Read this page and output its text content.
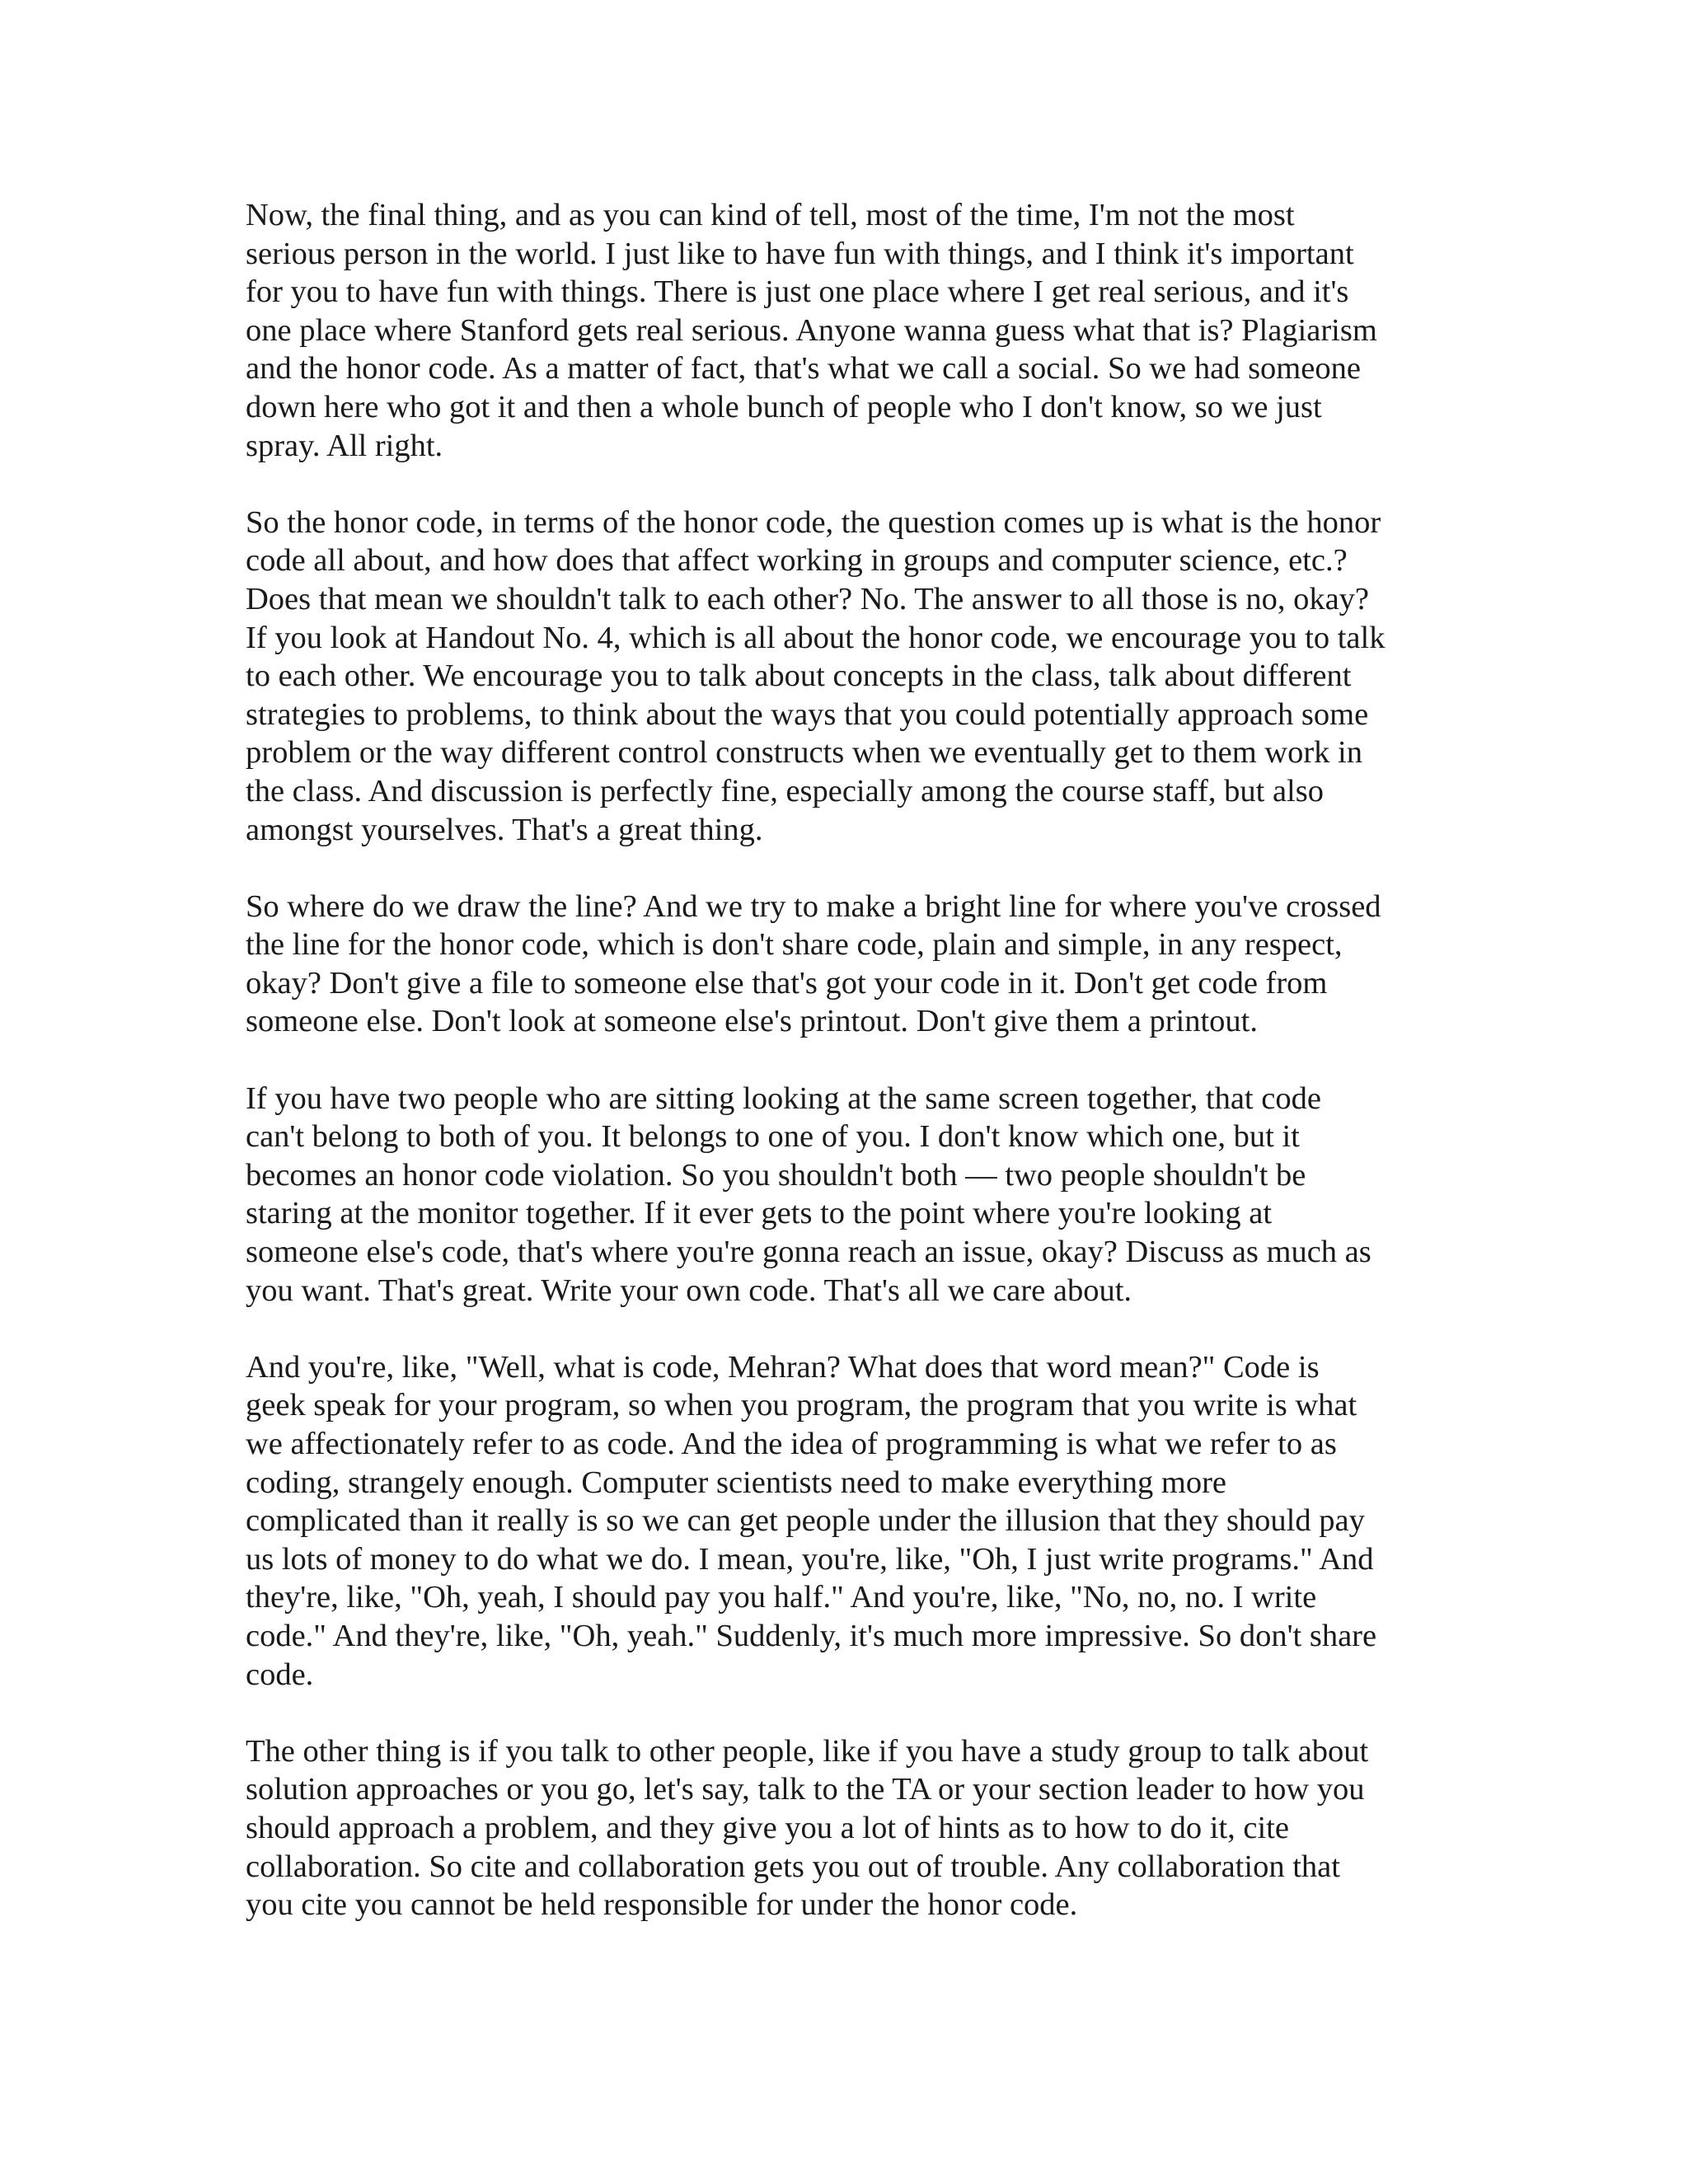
Now, the final thing, and as you can kind of tell, most of the time, I'm not the most
serious person in the world. I just like to have fun with things, and I think it's important
for you to have fun with things. There is just one place where I get real serious, and it's
one place where Stanford gets real serious. Anyone wanna guess what that is? Plagiarism
and the honor code. As a matter of fact, that's what we call a social. So we had someone
down here who got it and then a whole bunch of people who I don't know, so we just
spray. All right.

So the honor code, in terms of the honor code, the question comes up is what is the honor
code all about, and how does that affect working in groups and computer science, etc.?
Does that mean we shouldn't talk to each other? No. The answer to all those is no, okay?
If you look at Handout No. 4, which is all about the honor code, we encourage you to talk
to each other. We encourage you to talk about concepts in the class, talk about different
strategies to problems, to think about the ways that you could potentially approach some
problem or the way different control constructs when we eventually get to them work in
the class. And discussion is perfectly fine, especially among the course staff, but also
amongst yourselves. That's a great thing.

So where do we draw the line? And we try to make a bright line for where you've crossed
the line for the honor code, which is don't share code, plain and simple, in any respect,
okay? Don't give a file to someone else that's got your code in it. Don't get code from
someone else. Don't look at someone else's printout. Don't give them a printout.

If you have two people who are sitting looking at the same screen together, that code
can't belong to both of you. It belongs to one of you. I don't know which one, but it
becomes an honor code violation. So you shouldn't both — two people shouldn't be
staring at the monitor together. If it ever gets to the point where you're looking at
someone else's code, that's where you're gonna reach an issue, okay? Discuss as much as
you want. That's great. Write your own code. That's all we care about.

And you're, like, "Well, what is code, Mehran? What does that word mean?" Code is
geek speak for your program, so when you program, the program that you write is what
we affectionately refer to as code. And the idea of programming is what we refer to as
coding, strangely enough. Computer scientists need to make everything more
complicated than it really is so we can get people under the illusion that they should pay
us lots of money to do what we do. I mean, you're, like, "Oh, I just write programs." And
they're, like, "Oh, yeah, I should pay you half." And you're, like, "No, no, no. I write
code." And they're, like, "Oh, yeah." Suddenly, it's much more impressive. So don't share
code.

The other thing is if you talk to other people, like if you have a study group to talk about
solution approaches or you go, let's say, talk to the TA or your section leader to how you
should approach a problem, and they give you a lot of hints as to how to do it, cite
collaboration. So cite and collaboration gets you out of trouble. Any collaboration that
you cite you cannot be held responsible for under the honor code.
